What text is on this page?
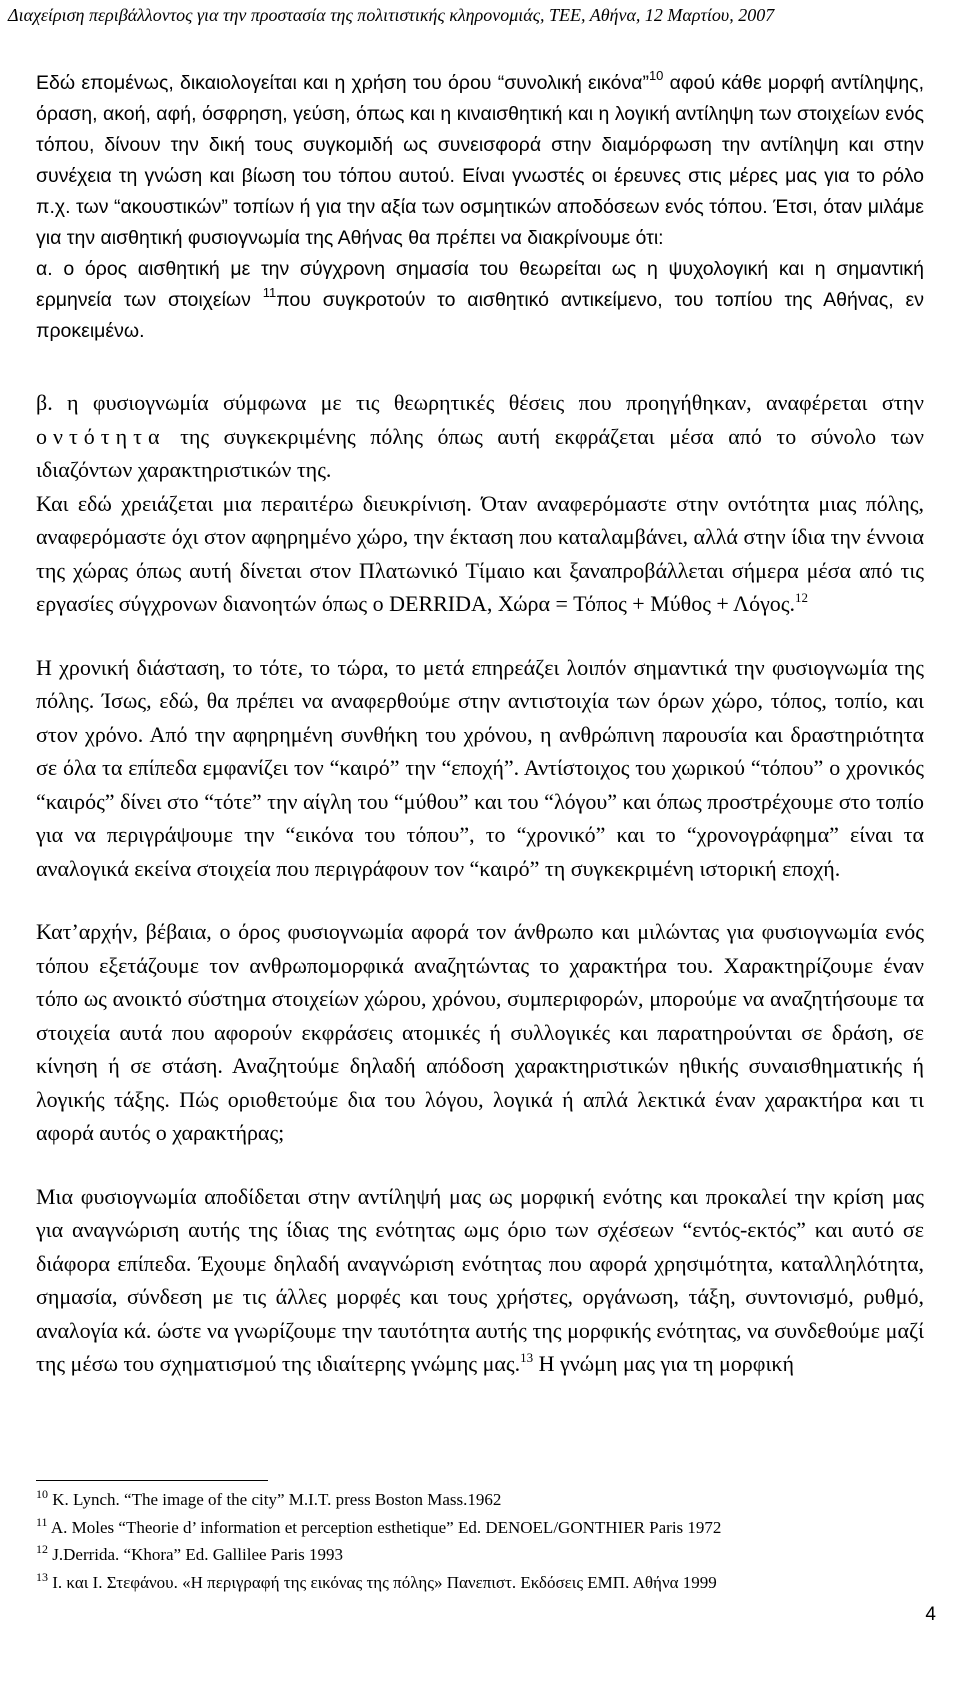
Διαχείριση περιβάλλοντος για την προστασία της πολιτιστικής κληρονομιάς, ΤΕΕ, Αθήνα, 12 Μαρτίου, 2007

Εδώ επομένως, δικαιολογείται και η χρήση του όρου “συνολική εικόνα”$^{10}$ αφού κάθε μορφή αντίληψης, όραση, ακοή, αφή, όσφρηση, γεύση, όπως και η κιναισθητική και η λογική αντίληψη των στοιχείων ενός τόπου, δίνουν την δική τους συγκομιδή ως συνεισφορά στην διαμόρφωση την αντίληψη και στην συνέχεια τη γνώση και βίωση του τόπου αυτού. Είναι γνωστές οι έρευνες στις μέρες μας για το ρόλο π.χ. των “ακουστικών” τοπίων ή για την αξία των οσμητικών αποδόσεων ενός τόπου. Έτσι, όταν μιλάμε για την αισθητική φυσιογνωμία της Αθήνας θα πρέπει να διακρίνουμε ότι:

α. ο όρος αισθητική με την σύγχρονη σημασία του θεωρείται ως η ψυχολογική και η σημαντική ερμηνεία των στοιχείων $^{11}$που συγκροτούν το αισθητικό αντικείμενο, του τοπίου της Αθήνας, εν προκειμένω.

β. η φυσιογνωμία σύμφωνα με τις θεωρητικές θέσεις που προηγήθηκαν, αναφέρεται στην οντότητα της συγκεκριμένης πόλης όπως αυτή εκφράζεται μέσα από το σύνολο των ιδιαζόντων χαρακτηριστικών της.

Και εδώ χρειάζεται μια περαιτέρω διευκρίνιση. Όταν αναφερόμαστε στην οντότητα μιας πόλης, αναφερόμαστε όχι στον αφηρημένο χώρο, την έκταση που καταλαμβάνει, αλλά στην ίδια την έννοια της χώρας όπως αυτή δίνεται στον Πλατωνικό Τίμαιο και ξαναπροβάλλεται σήμερα μέσα από τις εργασίες σύγχρονων διανοητών όπως ο DERRIDA, Χώρα = Τόπος + Μύθος + Λόγος.$^{12}$

Η χρονική διάσταση, το τότε, το τώρα, το μετά επηρεάζει λοιπόν σημαντικά την φυσιογνωμία της πόλης. Ίσως, εδώ, θα πρέπει να αναφερθούμε στην αντιστοιχία των όρων χώρο, τόπος, τοπίο, και στον χρόνο. Από την αφηρημένη συνθήκη του χρόνου, η ανθρώπινη παρουσία και δραστηριότητα σε όλα τα επίπεδα εμφανίζει τον “καιρό” την “εποχή”. Αντίστοιχος του χωρικού “τόπου” ο χρονικός “καιρός” δίνει στο “τότε” την αίγλη του “μύθου” και του “λόγου” και όπως προστρέχουμε στο τοπίο για να περιγράψουμε την “εικόνα του τόπου”, το “χρονικό” και το “χρονογράφημα” είναι τα αναλογικά εκείνα στοιχεία που περιγράφουν τον “καιρό” τη συγκεκριμένη ιστορική εποχή.

Κατ’αρχήν, βέβαια, ο όρος φυσιογνωμία αφορά τον άνθρωπο και μιλώντας για φυσιογνωμία ενός τόπου εξετάζουμε τον ανθρωπομορφικά αναζητώντας το χαρακτήρα του. Χαρακτηρίζουμε έναν τόπο ως ανοικτό σύστημα στοιχείων χώρου, χρόνου, συμπεριφορών, μπορούμε να αναζητήσουμε τα στοιχεία αυτά που αφορούν εκφράσεις ατομικές ή συλλογικές και παρατηρούνται σε δράση, σε κίνηση ή σε στάση. Αναζητούμε δηλαδή απόδοση χαρακτηριστικών ηθικής συναισθηματικής ή λογικής τάξης. Πώς οριοθετούμε δια του λόγου, λογικά ή απλά λεκτικά έναν χαρακτήρα και τι αφορά αυτός ο χαρακτήρας;

Μια φυσιογνωμία αποδίδεται στην αντίληψή μας ως μορφική ενότης και προκαλεί την κρίση μας για αναγνώριση αυτής της ίδιας της ενότητας ωμς όριο των σχέσεων “εντός-εκτός” και αυτό σε διάφορα επίπεδα. Έχουμε δηλαδή αναγνώριση ενότητας που αφορά χρησιμότητα, καταλληλότητα, σημασία, σύνδεση με τις άλλες μορφές και τους χρήστες, οργάνωση, τάξη, συντονισμό, ρυθμό, αναλογία κά. ώστε να γνωρίζουμε την ταυτότητα αυτής της μορφικής ενότητας, να συνδεθούμε μαζί της μέσω του σχηματισμού της ιδιαίτερης γνώμης μας.$^{13}$ Η γνώμη μας για τη μορφική

$^{10}$ K. Lynch. “The image of the city” M.I.T. press Boston Mass.1962

$^{11}$ A. Moles “Theorie d’ information et perception esthetique” Ed. DENOEL/GONTHIER Paris 1972

$^{12}$ J.Derrida. “Khora” Ed. Gallilee Paris 1993

$^{13}$ Ι. και Ι. Στεφάνου. «Η περιγραφή της εικόνας της πόλης» Πανεπιστ. Εκδόσεις ΕΜΠ. Αθήνα 1999

4
